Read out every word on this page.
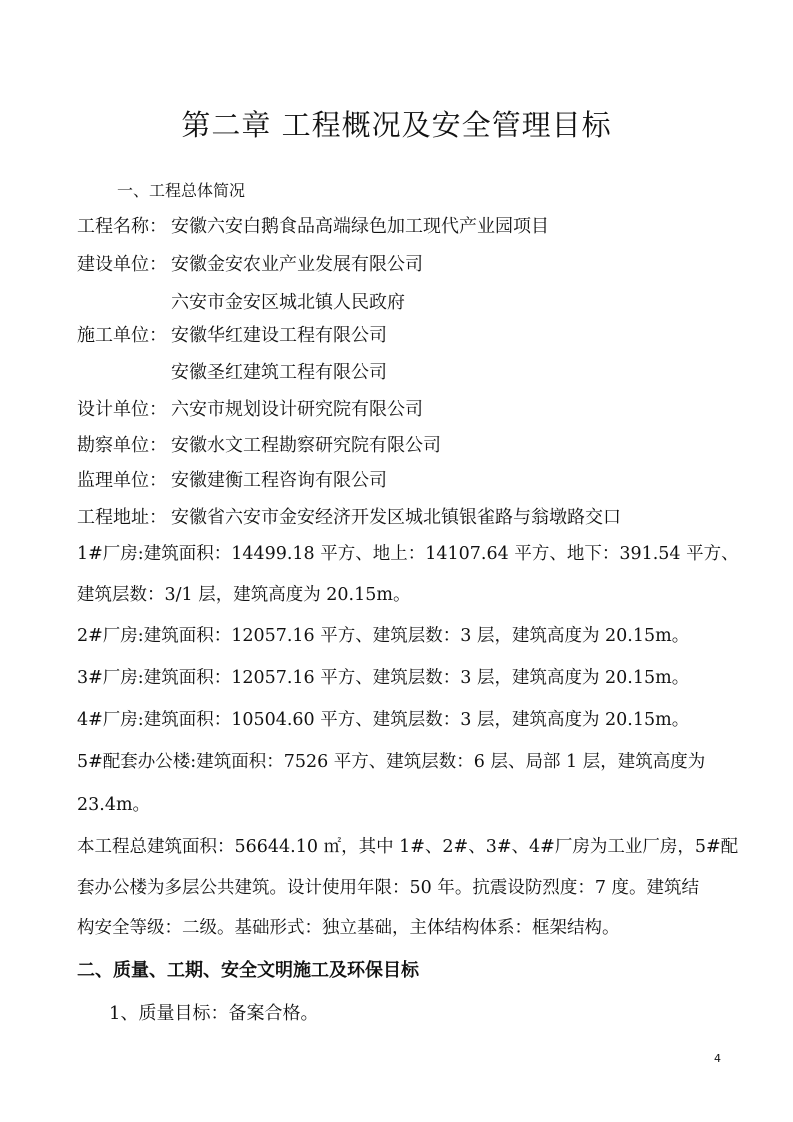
第二章 工程概况及安全管理目标
一、工程总体简况
工程名称： 安徽六安白鹅食品高端绿色加工现代产业园项目
建设单位： 安徽金安农业产业发展有限公司
六安市金安区城北镇人民政府
施工单位： 安徽华红建设工程有限公司
安徽圣红建筑工程有限公司
设计单位： 六安市规划设计研究院有限公司
勘察单位： 安徽水文工程勘察研究院有限公司
监理单位： 安徽建衡工程咨询有限公司
工程地址： 安徽省六安市金安经济开发区城北镇银雀路与翁墩路交口
1#厂房:建筑面积：14499.18 平方、地上：14107.64 平方、地下：391.54 平方、
建筑层数：3/1 层，建筑高度为 20.15m。
2#厂房:建筑面积：12057.16 平方、建筑层数：3 层，建筑高度为 20.15m。
3#厂房:建筑面积：12057.16 平方、建筑层数：3 层，建筑高度为 20.15m。
4#厂房:建筑面积：10504.60 平方、建筑层数：3 层，建筑高度为 20.15m。
5#配套办公楼:建筑面积：7526 平方、建筑层数：6 层、局部 1 层，建筑高度为
23.4m。
本工程总建筑面积：56644.10 ㎡，其中 1#、2#、3#、4#厂房为工业厂房，5#配
套办公楼为多层公共建筑。设计使用年限：50 年。抗震设防烈度：7 度。建筑结
构安全等级：二级。基础形式：独立基础，主体结构体系：框架结构。
二、质量、工期、安全文明施工及环保目标
1、质量目标：备案合格。
4
